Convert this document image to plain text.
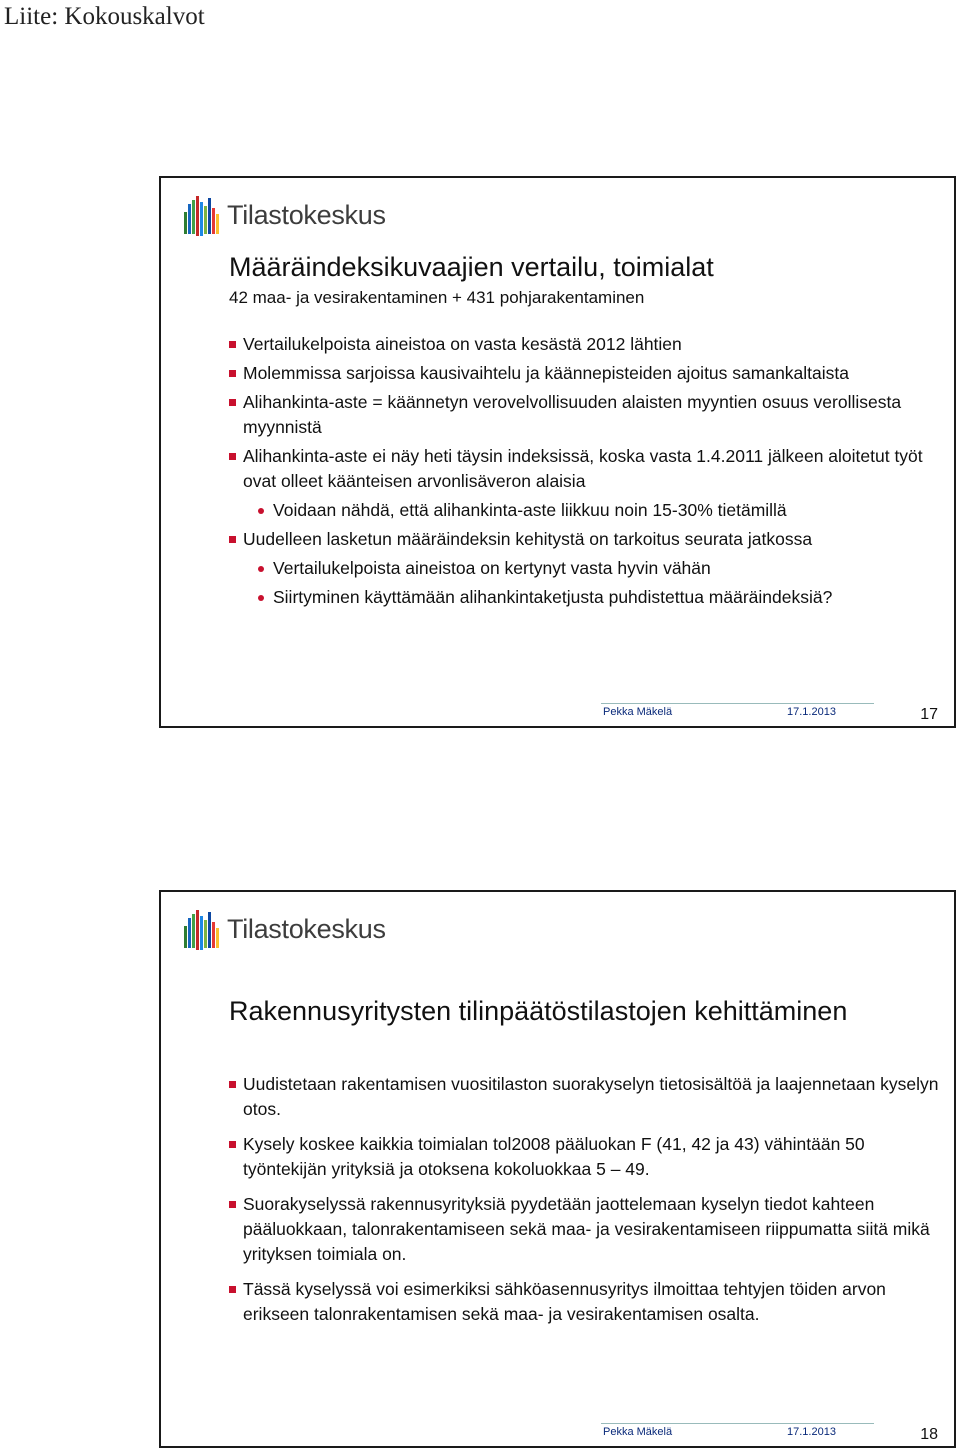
Liite: Kokouskalvot
Tilastokeskus
Määräindeksikuvaajien vertailu, toimialat
42 maa- ja vesirakentaminen + 431 pohjarakentaminen
Vertailukelpoista aineistoa on vasta kesästä 2012 lähtien
Molemmissa sarjoissa kausivaihtelu ja käännepisteiden ajoitus samankaltaista
Alihankinta-aste = käännetyn verovelvollisuuden alaisten myyntien osuus verollisesta myynnistä
Alihankinta-aste ei näy heti täysin indeksissä, koska vasta 1.4.2011 jälkeen aloitetut työt ovat olleet käänteisen arvonlisäveron alaisia
Voidaan nähdä, että alihankinta-aste liikkuu noin 15-30% tietämillä
Uudelleen lasketun määräindeksin kehitystä on tarkoitus seurata jatkossa
Vertailukelpoista aineistoa on kertynyt vasta hyvin vähän
Siirtyminen käyttämään alihankintaketjusta puhdistettua määräindeksiä?
Pekka Mäkelä	17.1.2013	17
Tilastokeskus
Rakennusyritysten tilinpäätöstilastojen kehittäminen
Uudistetaan rakentamisen vuositilaston suorakyselyn tietosisältöä ja laajennetaan kyselyn otos.
Kysely koskee kaikkia toimialan tol2008 pääluokan F (41, 42 ja 43) vähintään 50 työntekijän yrityksiä ja otoksena kokoluokkaa 5 – 49.
Suorakyselyssä rakennusyrityksiä pyydetään jaottelemaan kyselyn tiedot kahteen pääluokkaan, talonrakentamiseen sekä maa- ja vesirakentamiseen riippumatta siitä mikä yrityksen toimiala on.
Tässä kyselyssä voi esimerkiksi sähköasennusyritys ilmoittaa tehtyjen töiden arvon erikseen talonrakentamisen sekä maa- ja vesirakentamisen osalta.
Pekka Mäkelä	17.1.2013	18
